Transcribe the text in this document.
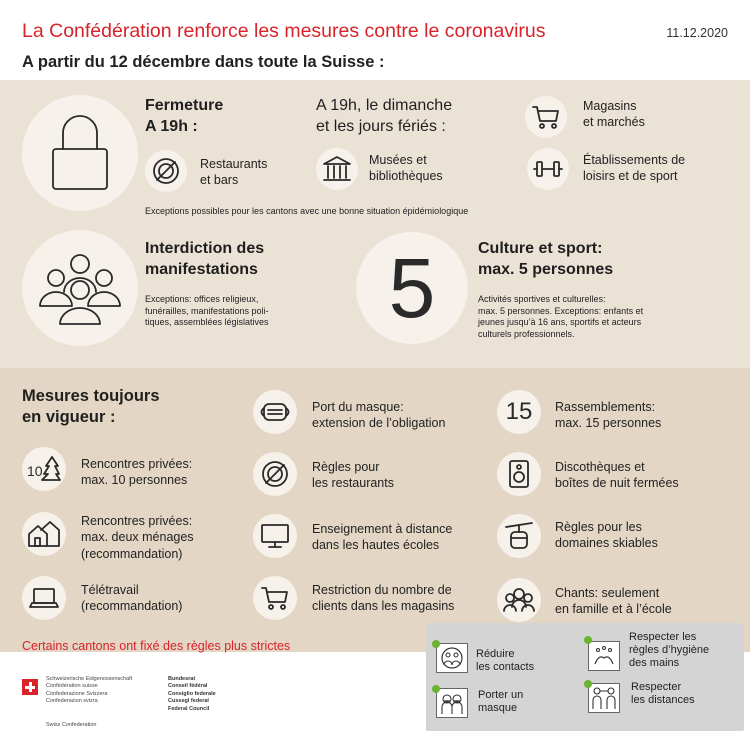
La Confédération renforce les mesures contre le coronavirus	11.12.2020
A partir du 12 décembre dans toute la Suisse :
Fermeture
A 19h :
A 19h, le dimanche
et les jours fériés :
Restaurants
et bars
Musées et
bibliothèques
Magasins
et marchés
Établissements de
loisirs et de sport
Exceptions possibles pour les cantons avec une bonne situation épidémiologique
Interdiction des
manifestations
Exceptions: offices religieux,
funérailles, manifestations poli-
tiques, assemblées législatives 5	Culture et sport:
max. 5 personnes
Activités sportives et culturelles:
max. 5 personnes. Exceptions: enfants et
jeunes jusqu’à 16 ans, sportifs et acteurs
culturels professionnels.
Mesures toujours
en vigueur :
10	Rencontres privées:
max. 10 personnes
Rencontres privées:
max. deux ménages
(recommandation)
Télétravail
(recommandation)
Port du masque:
extension de l’obligation
Règles pour
les restaurants
Enseignement à distance
dans les hautes écoles
Restriction du nombre de
clients dans les magasins
15 Rassemblements:
max. 15 personnes
Discothèques et
boîtes de nuit fermées
Règles pour les
domaines skiables
Chants: seulement
en famille et à l’école
Certains cantons ont fixé des règles plus strictes
Réduire
les contacts
Respecter les
règles d’hygiène
des mains
Porter un
masque
Respecter
les distances
Schweizerische Eidgenossenschaft
Confédération suisse
Confederazione Svizzera
Confederaziun svizra
Swiss Confederation
Bundesrat
Conseil fédéral
Consiglio federale
Cussegl federal
Federal Council
